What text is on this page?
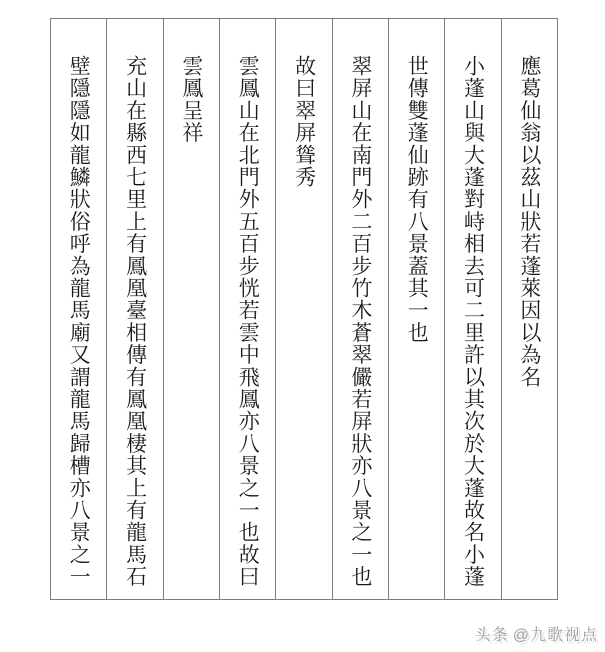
應葛仙翁以茲山狀若蓬萊因以為名
小蓬山與大蓬對峙相去可二里許以其次於大蓬故名小蓬
世傳雙蓬仙跡有八景蓋其一也
翠屏山在南門外二百步竹木蒼翠儼若屏狀亦八景之一也
故曰翠屏聳秀
雲鳳山在北門外五百步恍若雲中飛鳳亦八景之一也故曰
雲鳳呈祥
充山在縣西七里上有鳳凰臺相傳有鳳凰棲其上有龍馬石
壁隱隱如龍鱗狀俗呼為龍馬廟又謂龍馬歸槽亦八景之一
头条 @九歌视点
